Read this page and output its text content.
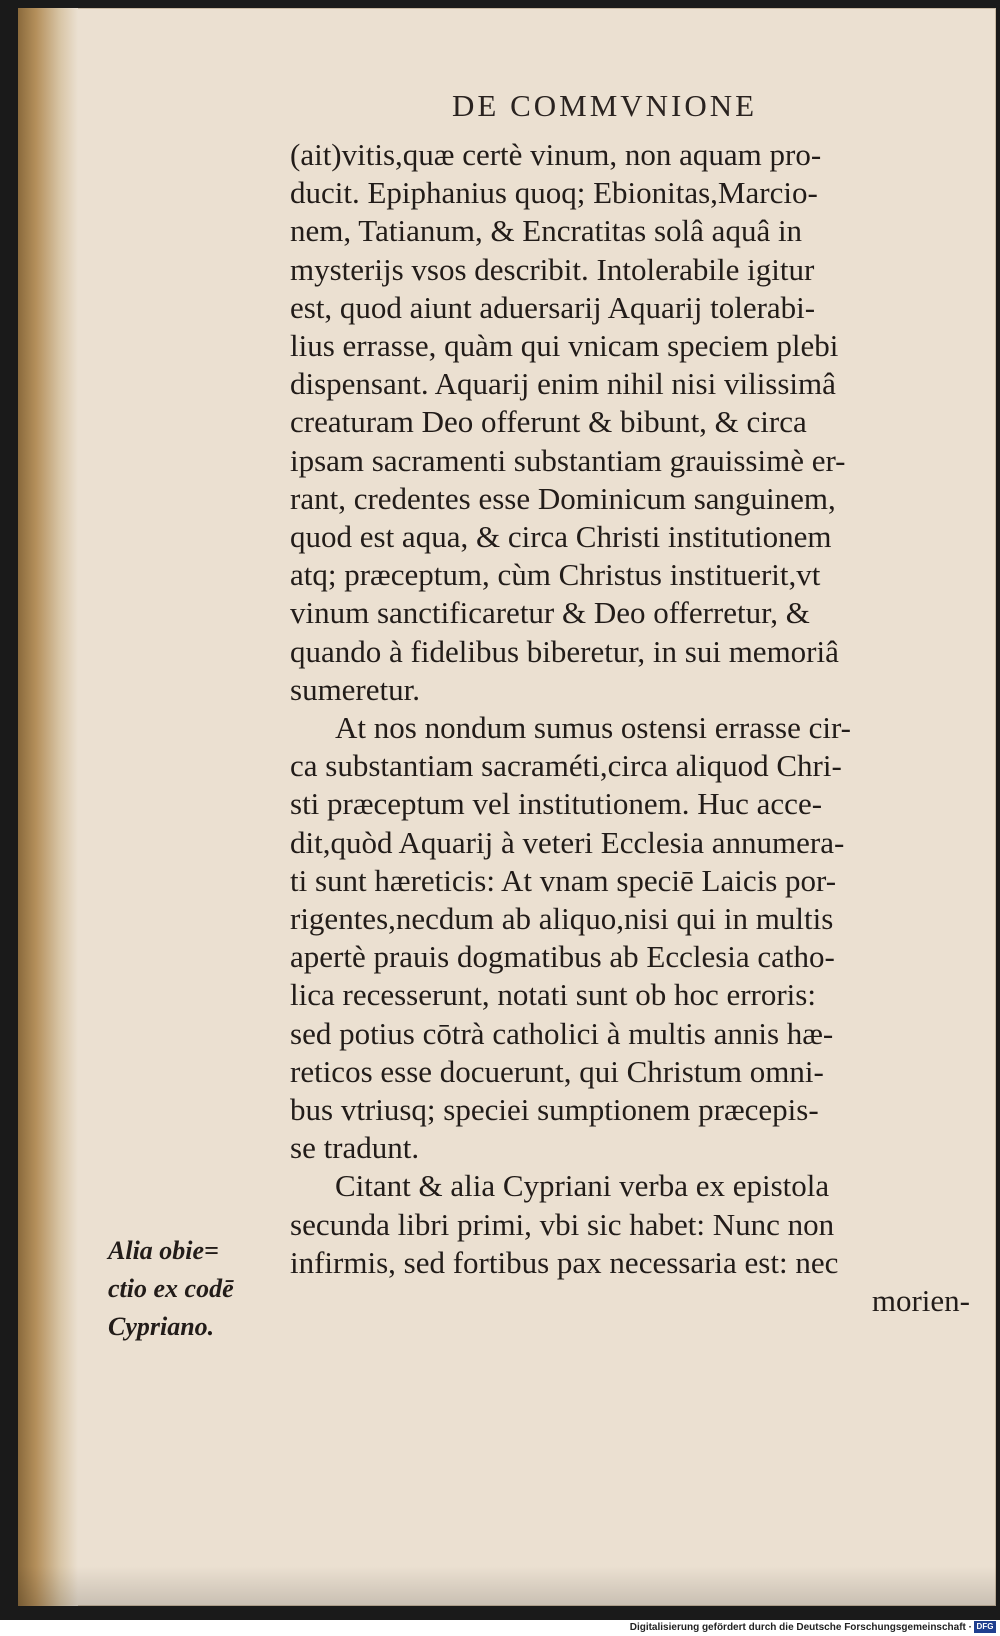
DE COMMVNIONE
(ait)vitis,quæ certè vinum, non aquam pro-
ducit. Epiphanius quoq; Ebionitas,Marcio-
nem, Tatianum, & Encratitas solâ aquâ in
mysterijs vsos describit. Intolerabile igitur
est, quod aiunt aduersarij Aquarij tolerabi-
lius errasse, quàm qui vnicam speciem plebi
dispensant. Aquarij enim nihil nisi vilissimâ
creaturam Deo offerunt & bibunt, & circa
ipsam sacramenti substantiam grauissimè er-
rant, credentes esse Dominicum sanguinem,
quod est aqua, & circa Christi institutionem
atq; præceptum, cùm Christus instituerit,vt
vinum sanctificaretur & Deo offerretur, &
quando à fidelibus biberetur, in sui memoriâ
sumeretur.
At nos nondum sumus ostensi errasse cir-
ca substantiam sacraméti,circa aliquod Chri-
sti præceptum vel institutionem. Huc acce-
dit,quòd Aquarij à veteri Ecclesia annumera-
ti sunt hæreticis: At vnam speciē Laicis por-
rigentes,necdum ab aliquo,nisi qui in multis
apertè prauis dogmatibus ab Ecclesia catho-
lica recesserunt, notati sunt ob hoc erroris:
sed potius cōtrà catholici à multis annis hæ-
reticos esse docuerunt, qui Christum omni-
bus vtriusq; speciei sumptionem præcepis-
se tradunt.
Citant & alia Cypriani verba ex epistola
secunda libri primi, vbi sic habet: Nunc non
infirmis, sed fortibus pax necessaria est: nec
morien-
Alia obie=
ctio ex codē
Cypriano.
Digitalisierung gefördert durch die Deutsche Forschungsgemeinschaft · DFG
